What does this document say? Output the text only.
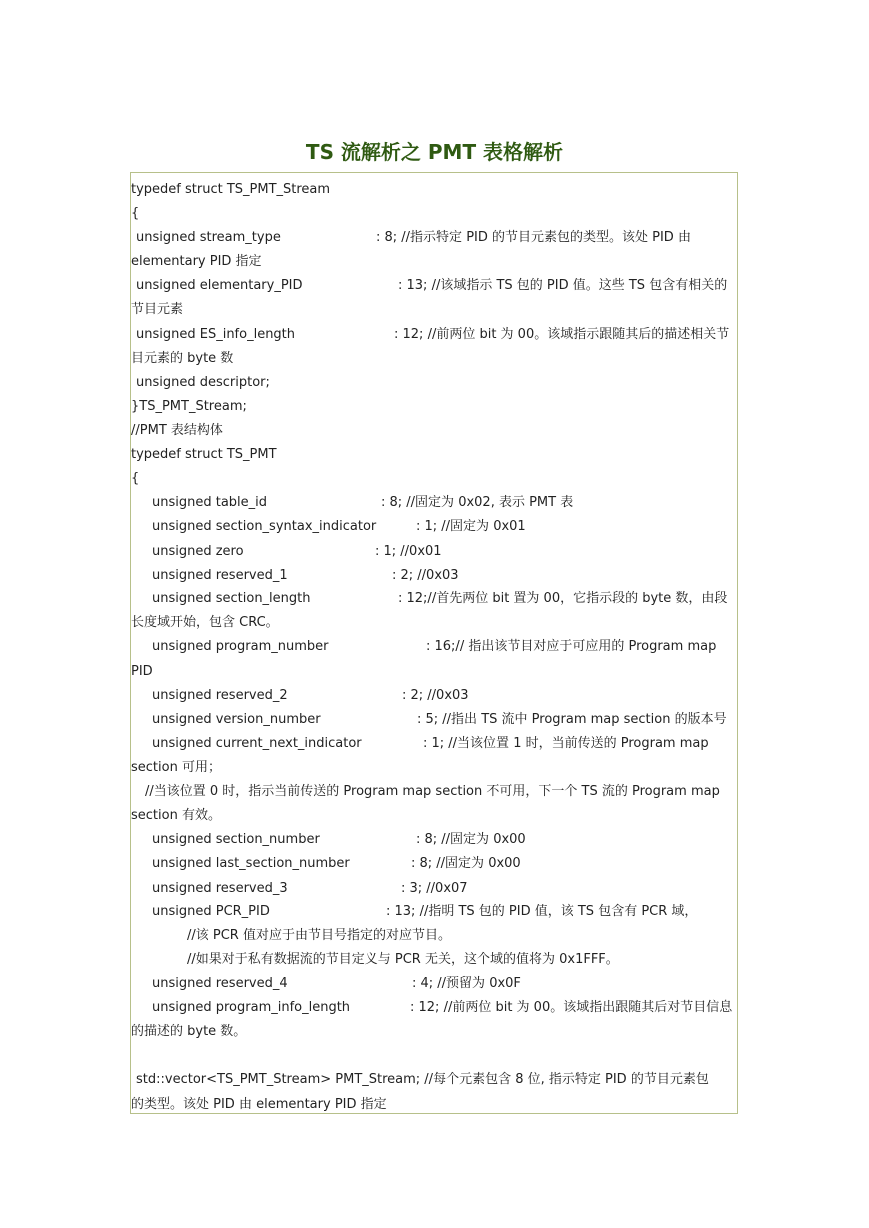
TS 流解析之 PMT 表格解析
typedef struct TS_PMT_Stream
{
unsigned stream_type	: 8; //指示特定 PID 的节目元素包的类型。该处 PID 由
elementary PID 指定
unsigned elementary_PID	: 13; //该域指示 TS 包的 PID 值。这些 TS 包含有相关的
节目元素
unsigned ES_info_length	: 12; //前两位 bit 为 00。该域指示跟随其后的描述相关节
目元素的 byte 数
unsigned descriptor;
}TS_PMT_Stream;
//PMT 表结构体
typedef struct TS_PMT
{
unsigned table_id	: 8; //固定为 0x02, 表示 PMT 表
unsigned section_syntax_indicator	: 1; //固定为 0x01
unsigned zero	: 1; //0x01
unsigned reserved_1	: 2; //0x03
unsigned section_length	: 12;//首先两位 bit 置为 00，它指示段的 byte 数，由段
长度域开始，包含 CRC。
unsigned program_number	: 16;// 指出该节目对应于可应用的 Program map
PID
unsigned reserved_2	: 2; //0x03
unsigned version_number	: 5; //指出 TS 流中 Program map section 的版本号
unsigned current_next_indicator	: 1; //当该位置 1 时，当前传送的 Program map
section 可用；
//当该位置 0 时，指示当前传送的 Program map section 不可用，下一个 TS 流的 Program map
section 有效。
unsigned section_number	: 8; //固定为 0x00
unsigned last_section_number	: 8; //固定为 0x00
unsigned reserved_3	: 3; //0x07
unsigned PCR_PID	: 13; //指明 TS 包的 PID 值，该 TS 包含有 PCR 域，
//该 PCR 值对应于由节目号指定的对应节目。
//如果对于私有数据流的节目定义与 PCR 无关，这个域的值将为 0x1FFF。
unsigned reserved_4	: 4; //预留为 0x0F
unsigned program_info_length	: 12; //前两位 bit 为 00。该域指出跟随其后对节目信息
的描述的 byte 数。
std::vector<TS_PMT_Stream> PMT_Stream; //每个元素包含 8 位, 指示特定 PID 的节目元素包
的类型。该处 PID 由 elementary PID 指定
